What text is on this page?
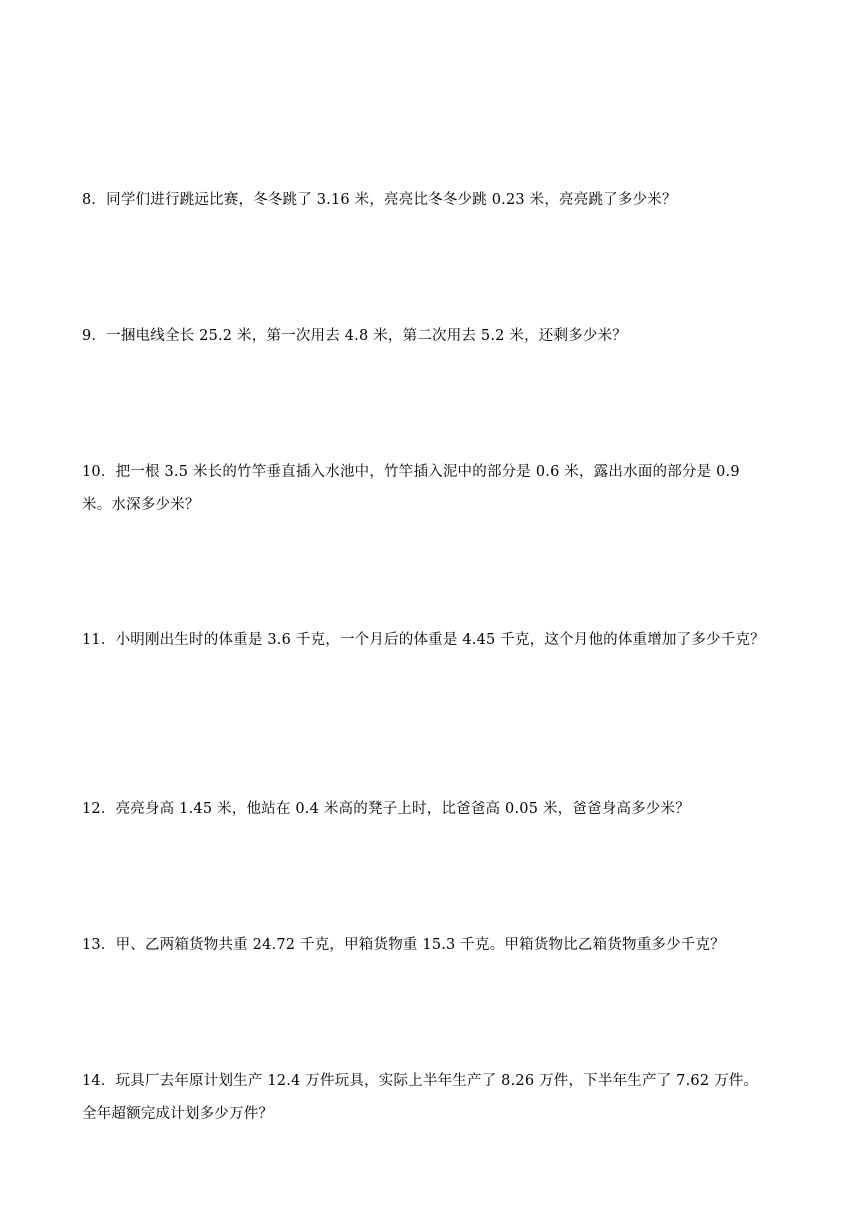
8．同学们进行跳远比赛，冬冬跳了 3.16 米，亮亮比冬冬少跳 0.23 米，亮亮跳了多少米？
9．一捆电线全长 25.2 米，第一次用去 4.8 米，第二次用去 5.2 米，还剩多少米？
10．把一根 3.5 米长的竹竿垂直插入水池中，竹竿插入泥中的部分是 0.6 米，露出水面的部分是 0.9 米。水深多少米？
11．小明刚出生时的体重是 3.6 千克，一个月后的体重是 4.45 千克，这个月他的体重增加了多少千克？
12．亮亮身高 1.45 米，他站在 0.4 米高的凳子上时，比爸爸高 0.05 米，爸爸身高多少米？
13．甲、乙两箱货物共重 24.72 千克，甲箱货物重 15.3 千克。甲箱货物比乙箱货物重多少千克？
14．玩具厂去年原计划生产 12.4 万件玩具，实际上半年生产了 8.26 万件，下半年生产了 7.62 万件。全年超额完成计划多少万件？
